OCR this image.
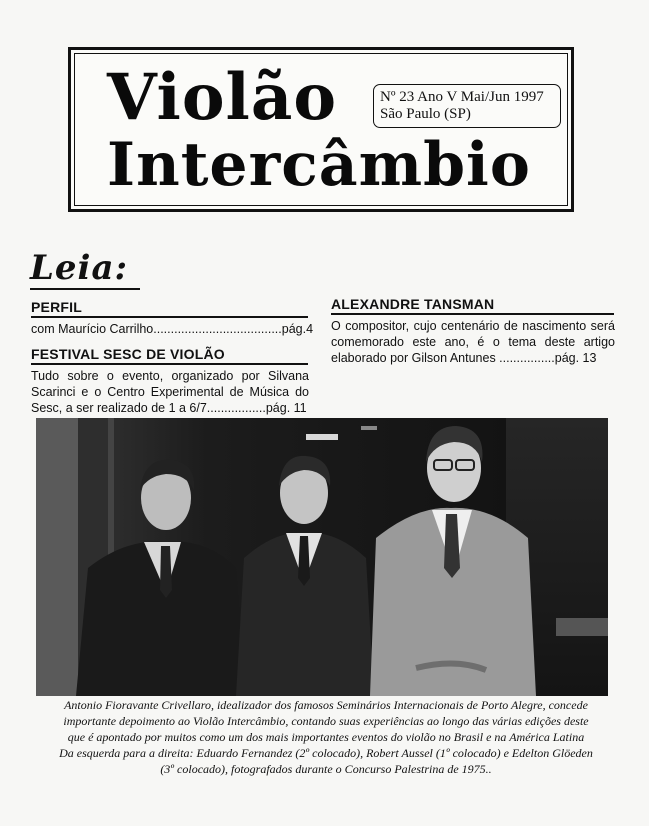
Violão
Intercâmbio
Nº 23 Ano V Mai/Jun 1997
São Paulo (SP)
Leia:
PERFIL
com Maurício Carrilho.....................................pág.4
FESTIVAL SESC DE VIOLÃO
Tudo sobre o evento, organizado por Silvana Scarinci e o Centro Experimental de Música do Sesc, a ser realizado de 1 a 6/7.................pág. 11
ALEXANDRE TANSMAN
O compositor, cujo centenário de nascimento será comemorado este ano, é o tema deste artigo elaborado por Gilson Antunes ................pág. 13
Antonio Fioravante Crivellaro, idealizador dos famosos Seminários Internacionais de Porto Alegre, concede
importante depoimento ao Violão Intercâmbio, contando suas experiências ao longo das várias edições deste
que é apontado por muitos como um dos mais importantes eventos do violão no Brasil e na América Latina
Da esquerda para a direita: Eduardo Fernandez (2º colocado), Robert Aussel (1º colocado) e Edelton Glöeden
(3º colocado), fotografados durante o Concurso Palestrina de 1975..
